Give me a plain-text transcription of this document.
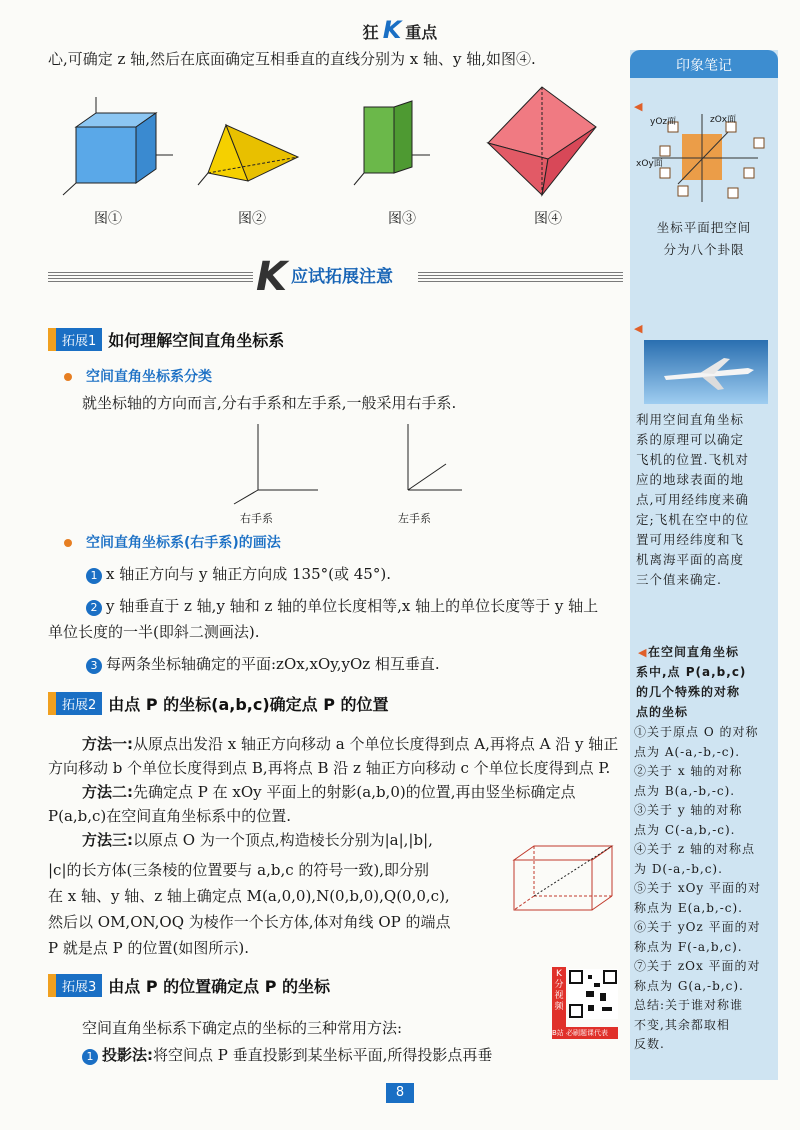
狂 K 重点
心,可确定 z 轴,然后在底面确定互相垂直的直线分别为 x 轴、y 轴,如图④.
图①	图②	图③	图④
K 应试拓展注意
拓展1 如何理解空间直角坐标系
空间直角坐标系分类
就坐标轴的方向而言,分右手系和左手系,一般采用右手系.
右手系	左手系
空间直角坐标系(右手系)的画法
1 x 轴正方向与 y 轴正方向成 135°(或 45°).
2 y 轴垂直于 z 轴,y 轴和 z 轴的单位长度相等,x 轴上的单位长度等于 y 轴上
单位长度的一半(即斜二测画法).
3 每两条坐标轴确定的平面:zOx,xOy,yOz 相互垂直.
拓展2 由点 P 的坐标(a,b,c)确定点 P 的位置
方法一:从原点出发沿 x 轴正方向移动 a 个单位长度得到点 A,再将点 A 沿 y 轴正
方向移动 b 个单位长度得到点 B,再将点 B 沿 z 轴正方向移动 c 个单位长度得到点 P.
方法二:先确定点 P 在 xOy 平面上的射影(a,b,0)的位置,再由竖坐标确定点
P(a,b,c)在空间直角坐标系中的位置.
方法三:以原点 O 为一个顶点,构造棱长分别为|a|,|b|,
|c|的长方体(三条棱的位置要与 a,b,c 的符号一致),即分别
在 x 轴、y 轴、z 轴上确定点 M(a,0,0),N(0,b,0),Q(0,0,c),
然后以 OM,ON,OQ 为棱作一个长方体,体对角线 OP 的端点
P 就是点 P 的位置(如图所示).
拓展3 由点 P 的位置确定点 P 的坐标
空间直角坐标系下确定点的坐标的三种常用方法:
1 投影法:将空间点 P 垂直投影到某坐标平面,所得投影点再垂
K
分视频
B站 必刷题课代表
印象笔记
◀
yOz面	zOx面
xOy面
坐标平面把空间
分为八个卦限
◀
利用空间直角坐标
系的原理可以确定
飞机的位置.飞机对
应的地球表面的地
点,可用经纬度来确
定;飞机在空中的位
置可用经纬度和飞
机离海平面的高度
三个值来确定.
◀ 在空间直角坐标
系中,点 P(a,b,c)
的几个特殊的对称
点的坐标
①关于原点 O 的对称
点为 A(-a,-b,-c).
②关于 x 轴的对称
点为 B(a,-b,-c).
③关于 y 轴的对称
点为 C(-a,b,-c).
④关于 z 轴的对称点
为 D(-a,-b,c).
⑤关于 xOy 平面的对
称点为 E(a,b,-c).
⑥关于 yOz 平面的对
称点为 F(-a,b,c).
⑦关于 zOx 平面的对
称点为 G(a,-b,c).
总结:关于谁对称谁
不变,其余都取相
反数.
8
